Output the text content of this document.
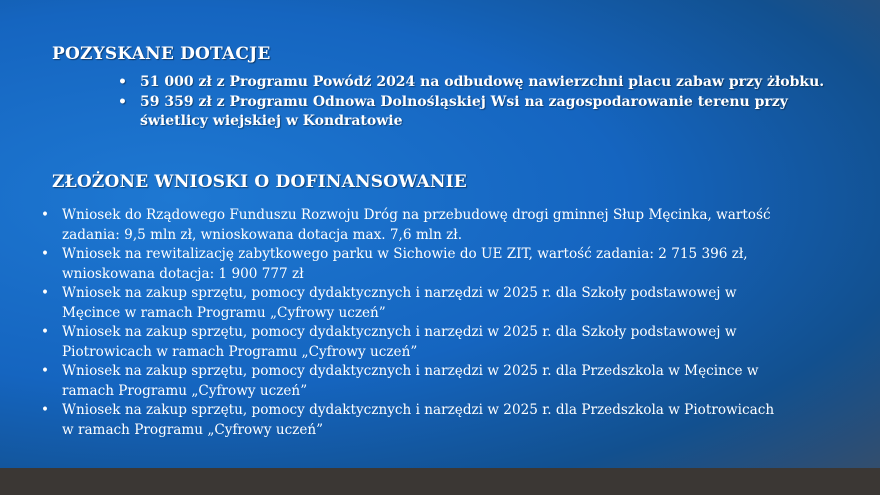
POZYSKANE DOTACJE
• 51 000 zł z Programu Powódź 2024 na odbudowę nawierzchni placu zabaw przy żłobku.
• 59 359 zł z Programu Odnowa Dolnośląskiej Wsi na zagospodarowanie terenu przy świetlicy wiejskiej w Kondratowie
ZŁOŻONE WNIOSKI O DOFINANSOWANIE
• Wniosek do Rządowego Funduszu Rozwoju Dróg na przebudowę drogi gminnej Słup Męcinka, wartość zadania: 9,5 mln zł, wnioskowana dotacja max. 7,6 mln zł.
• Wniosek na rewitalizację zabytkowego parku w Sichowie do UE ZIT, wartość zadania: 2 715 396 zł, wnioskowana dotacja: 1 900 777 zł
• Wniosek na zakup sprzętu, pomocy dydaktycznych i narzędzi w 2025 r. dla Szkoły podstawowej w Męcince w ramach Programu „Cyfrowy uczeń”
• Wniosek na zakup sprzętu, pomocy dydaktycznych i narzędzi w 2025 r. dla Szkoły podstawowej w Piotrowicach w ramach Programu „Cyfrowy uczeń”
• Wniosek na zakup sprzętu, pomocy dydaktycznych i narzędzi w 2025 r. dla Przedszkola w Męcince w ramach Programu „Cyfrowy uczeń”
• Wniosek na zakup sprzętu, pomocy dydaktycznych i narzędzi w 2025 r. dla Przedszkola w Piotrowicach w ramach Programu „Cyfrowy uczeń”
